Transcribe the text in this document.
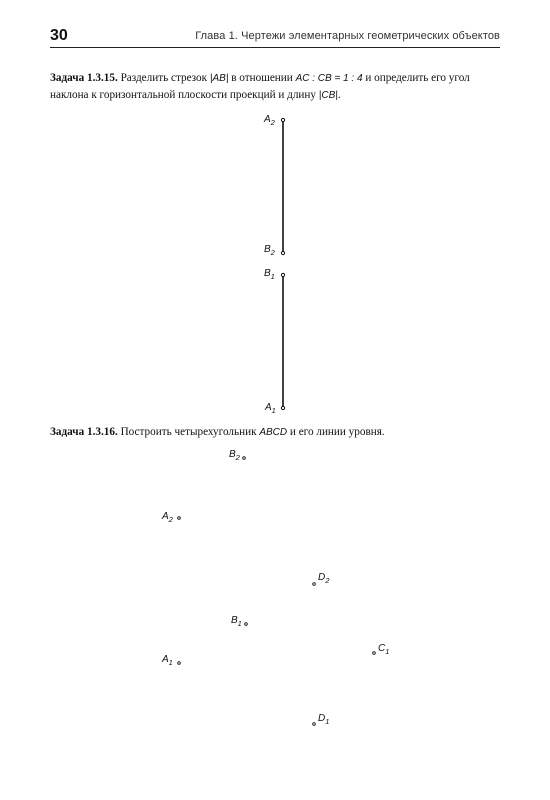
30	Глава 1. Чертежи элементарных геометрических объектов
Задача 1.3.15. Разделить стрезок |AB| в отношении AC : CB = 1 : 4 и определить его угол наклона к горизонтальной плоскости проекций и длину |CB|.
Задача 1.3.16. Построить четырехугольник ABCD и его линии уровня.
$A_2$
$B_2$
$B_1$
$A_1$
$B_2$
$A_2$
$D_2$
$B_1$
$C_1$
$A_1$
$D_1$
